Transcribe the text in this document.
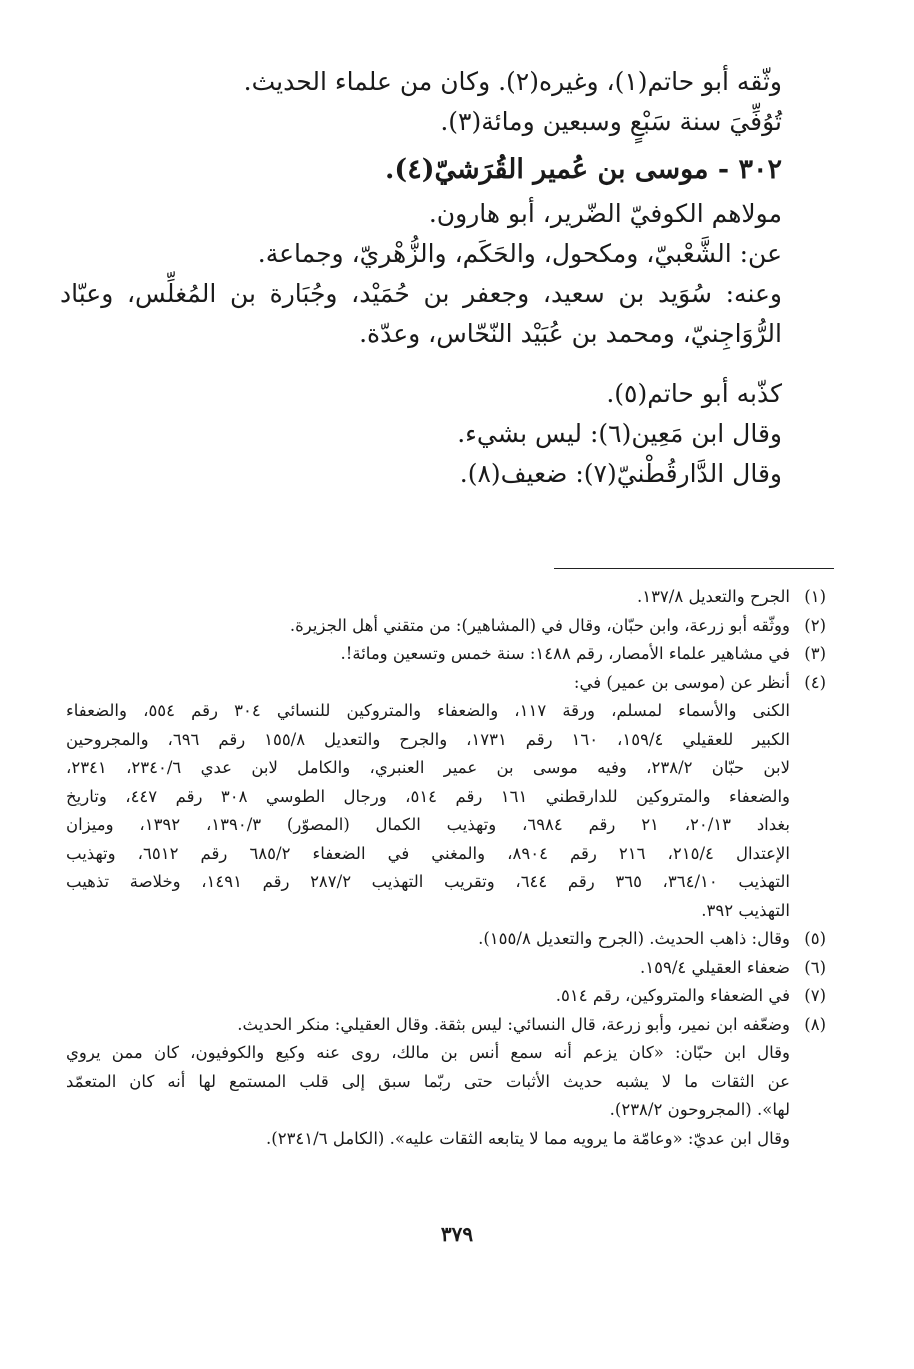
وثّقه أبو حاتم(١)، وغيره(٢). وكان من علماء الحديث.
تُوُفِّيَ سنة سَبْعٍ وسبعين ومائة(٣).
٣٠٢ - موسى بن عُمير القُرَشيّ(٤).
مولاهم الكوفيّ الضّرير، أبو هارون.
عن: الشَّعْبيّ، ومكحول، والحَكَم، والزُّهْريّ، وجماعة.
وعنه: سُوَيد بن سعيد، وجعفر بن حُمَيْد، وجُبَارة بن المُغلِّس، وعبّاد
الرُّوَاجِنيّ، ومحمد بن عُبَيْد النّحّاس، وعدّة.
كذّبه أبو حاتم(٥).
وقال ابن مَعِين(٦): ليس بشيء.
وقال الدَّارقُطْنيّ(٧): ضعيف(٨).
(١)الجرح والتعديل ١٣٧/٨.
(٢)ووثّقه أبو زرعة، وابن حبّان، وقال في (المشاهير): من متقني أهل الجزيرة.
(٣)في مشاهير علماء الأمصار، رقم ١٤٨٨: سنة خمس وتسعين ومائة!.
(٤)أنظر عن (موسى بن عمير) في:
الكنى والأسماء لمسلم، ورقة ١١٧، والضعفاء والمتروكين للنسائي ٣٠٤ رقم ٥٥٤، والضعفاء
الكبير للعقيلي ١٥٩/٤، ١٦٠ رقم ١٧٣١، والجرح والتعديل ١٥٥/٨ رقم ٦٩٦، والمجروحين
لابن حبّان ٢٣٨/٢، وفيه موسى بن عمير العنبري، والكامل لابن عدي ٢٣٤٠/٦، ٢٣٤١،
والضعفاء والمتروكين للدارقطني ١٦١ رقم ٥١٤، ورجال الطوسي ٣٠٨ رقم ٤٤٧، وتاريخ
بغداد ٢٠/١٣، ٢١ رقم ٦٩٨٤، وتهذيب الكمال (المصوّر) ١٣٩٠/٣، ١٣٩٢، وميزان
الإعتدال ٢١٥/٤، ٢١٦ رقم ٨٩٠٤، والمغني في الضعفاء ٦٨٥/٢ رقم ٦٥١٢، وتهذيب
التهذيب ٣٦٤/١٠، ٣٦٥ رقم ٦٤٤، وتقريب التهذيب ٢٨٧/٢ رقم ١٤٩١، وخلاصة تذهيب
التهذيب ٣٩٢.
(٥)وقال: ذاهب الحديث. (الجرح والتعديل ١٥٥/٨).
(٦)ضعفاء العقيلي ١٥٩/٤.
(٧)في الضعفاء والمتروكين، رقم ٥١٤.
(٨)وضعّفه ابن نمير، وأبو زرعة، قال النسائي: ليس بثقة. وقال العقيلي: منكر الحديث.
وقال ابن حبّان: «كان يزعم أنه سمع أنس بن مالك، روى عنه وكيع والكوفيون، كان ممن يروي
عن الثقات ما لا يشبه حديث الأثبات حتى ربّما سبق إلى قلب المستمع لها أنه كان المتعمّد
لها». (المجروحون ٢٣٨/٢).
وقال ابن عديّ: «وعامّة ما يرويه مما لا يتابعه الثقات عليه». (الكامل ٢٣٤١/٦).
٣٧٩
